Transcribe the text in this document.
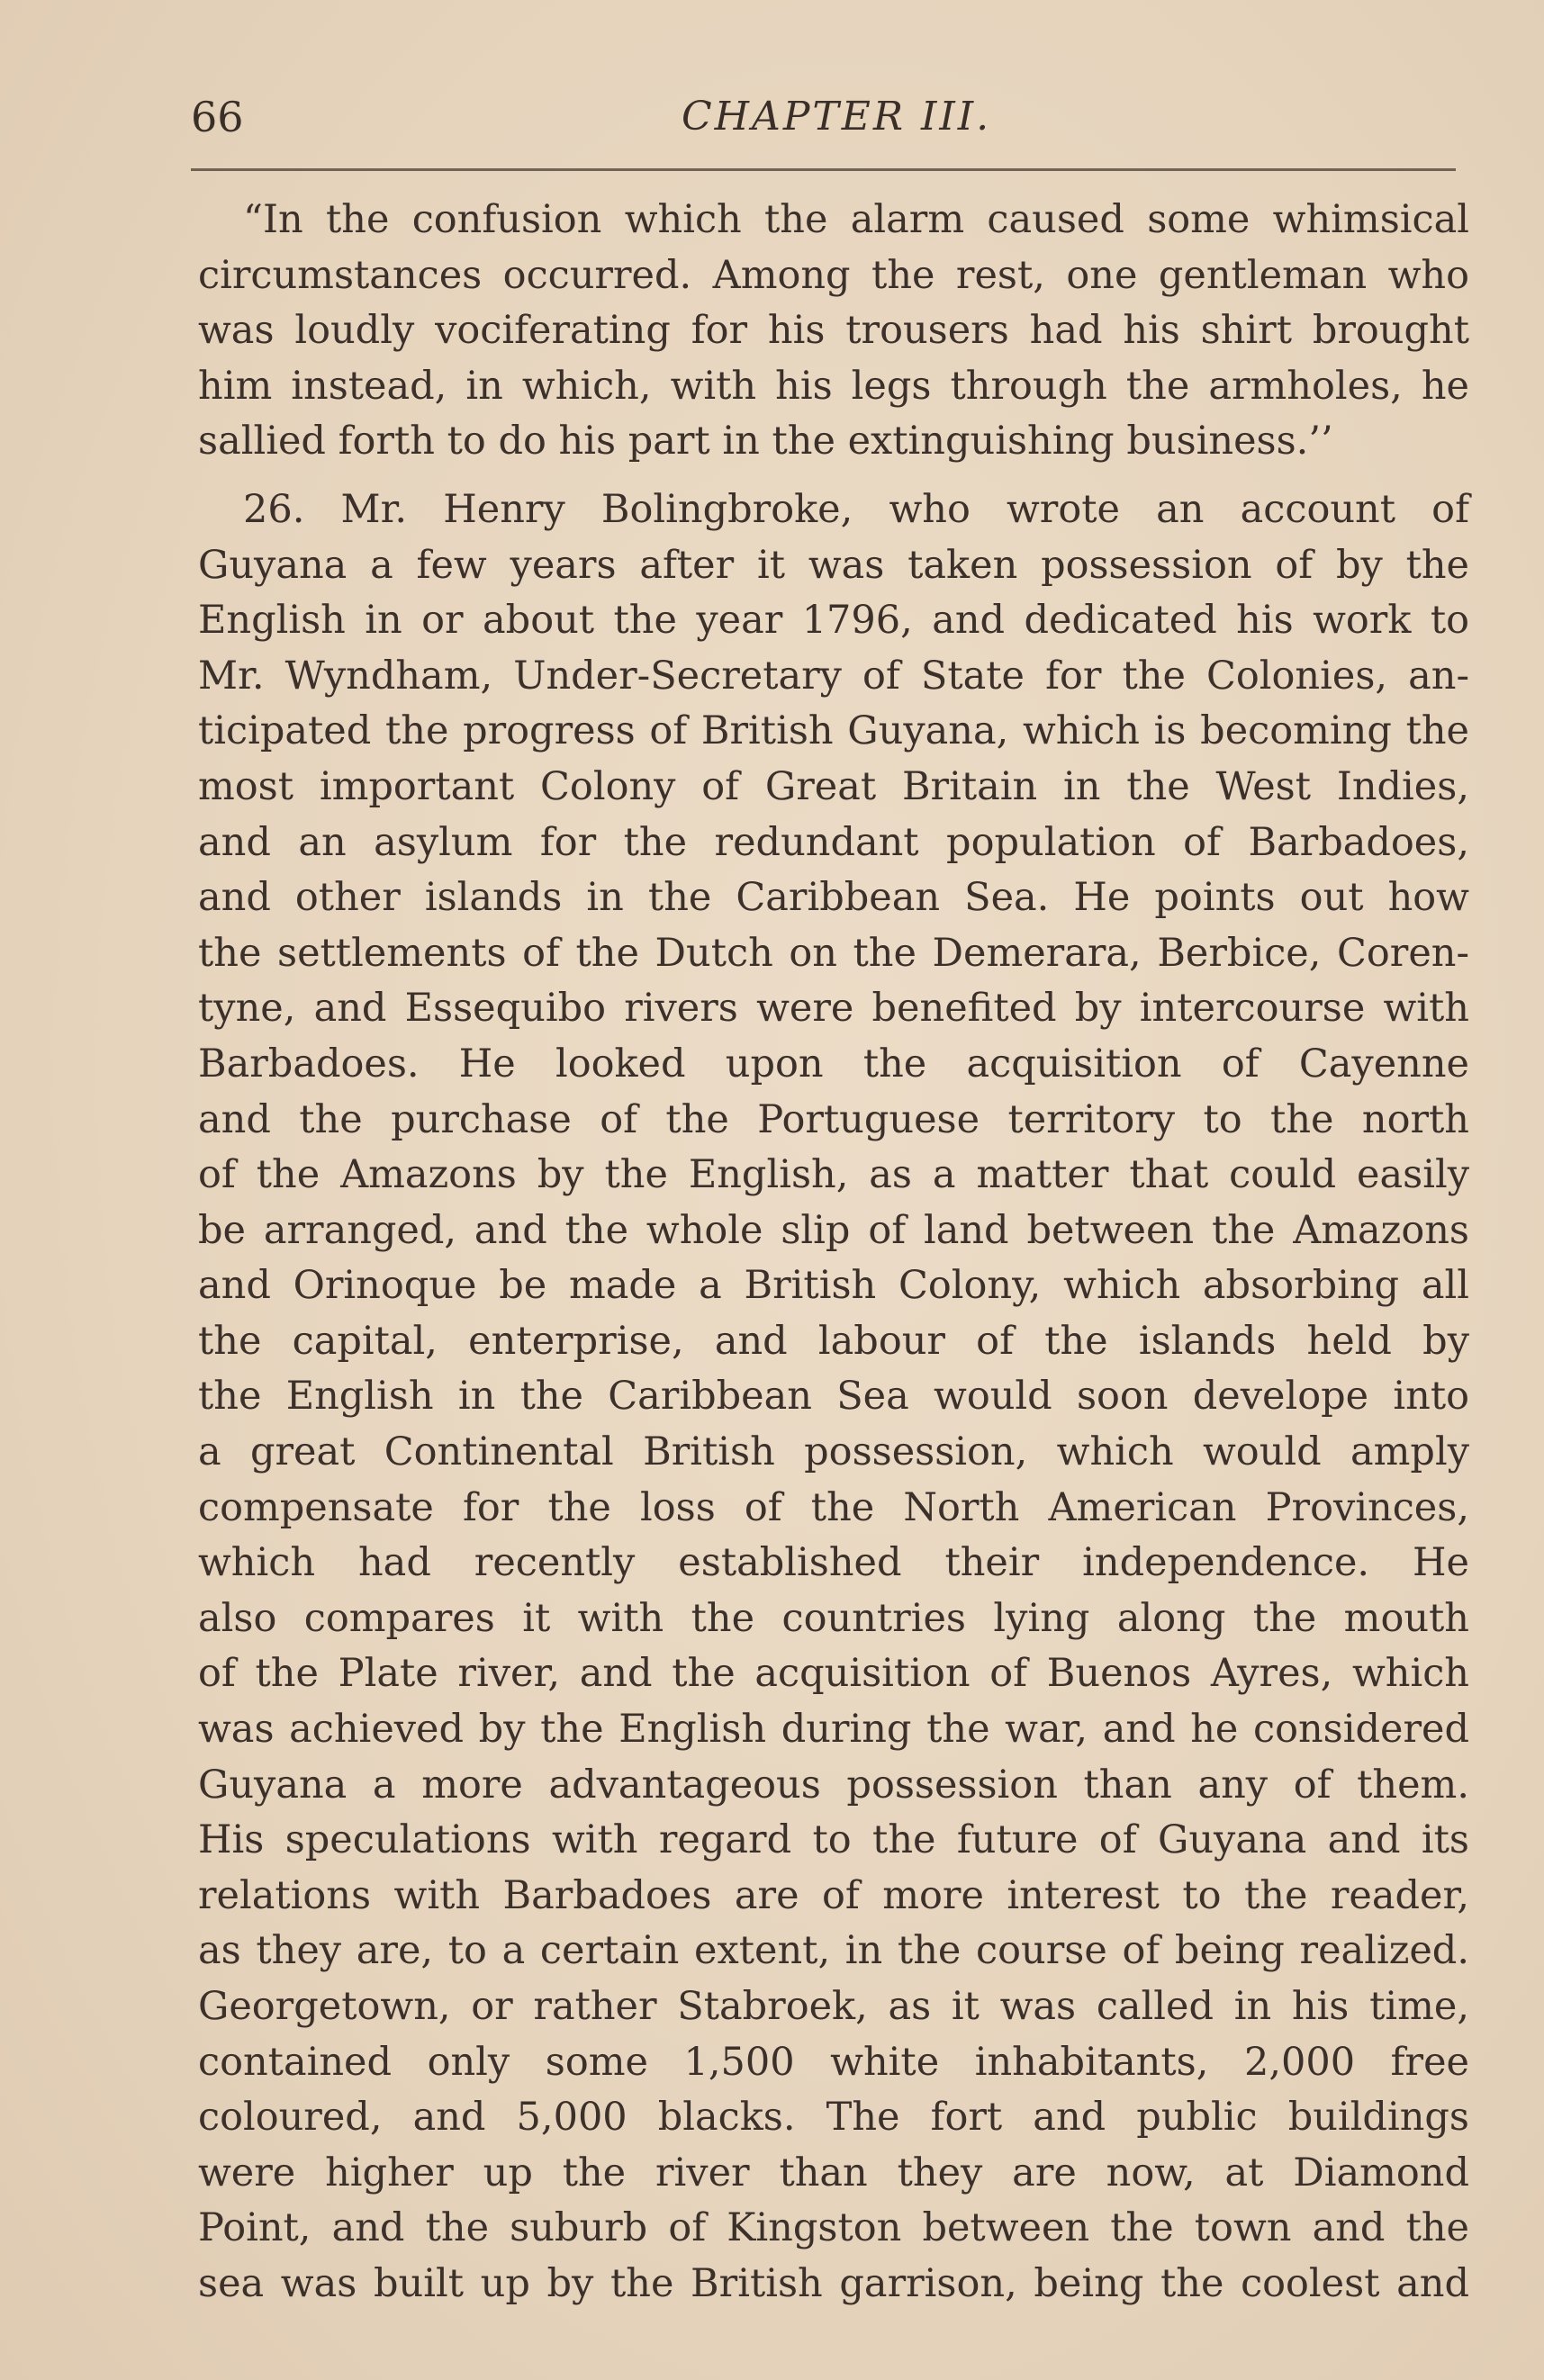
66	CHAPTER III.
“In the confusion which the alarm caused some whimsical
circumstances occurred. Among the rest, one gentleman who
was loudly vociferating for his trousers had his shirt brought
him instead, in which, with his legs through the armholes, he
sallied forth to do his part in the extinguishing business.’’
26. Mr. Henry Bolingbroke, who wrote an account of
Guyana a few years after it was taken possession of by the
English in or about the year 1796, and dedicated his work to
Mr. Wyndham, Under-Secretary of State for the Colonies, an-
ticipated the progress of British Guyana, which is becoming the
most important Colony of Great Britain in the West Indies,
and an asylum for the redundant population of Barbadoes,
and other islands in the Caribbean Sea. He points out how
the settlements of the Dutch on the Demerara, Berbice, Coren-
tyne, and Essequibo rivers were benefited by intercourse with
Barbadoes. He looked upon the acquisition of Cayenne
and the purchase of the Portuguese territory to the north
of the Amazons by the English, as a matter that could easily
be arranged, and the whole slip of land between the Amazons
and Orinoque be made a British Colony, which absorbing all
the capital, enterprise, and labour of the islands held by
the English in the Caribbean Sea would soon develope into
a great Continental British possession, which would amply
compensate for the loss of the North American Provinces,
which had recently established their independence. He
also compares it with the countries lying along the mouth
of the Plate river, and the acquisition of Buenos Ayres, which
was achieved by the English during the war, and he considered
Guyana a more advantageous possession than any of them.
His speculations with regard to the future of Guyana and its
relations with Barbadoes are of more interest to the reader,
as they are, to a certain extent, in the course of being realized.
Georgetown, or rather Stabroek, as it was called in his time,
contained only some 1,500 white inhabitants, 2,000 free
coloured, and 5,000 blacks. The fort and public buildings
were higher up the river than they are now, at Diamond
Point, and the suburb of Kingston between the town and the
sea was built up by the British garrison, being the coolest and
